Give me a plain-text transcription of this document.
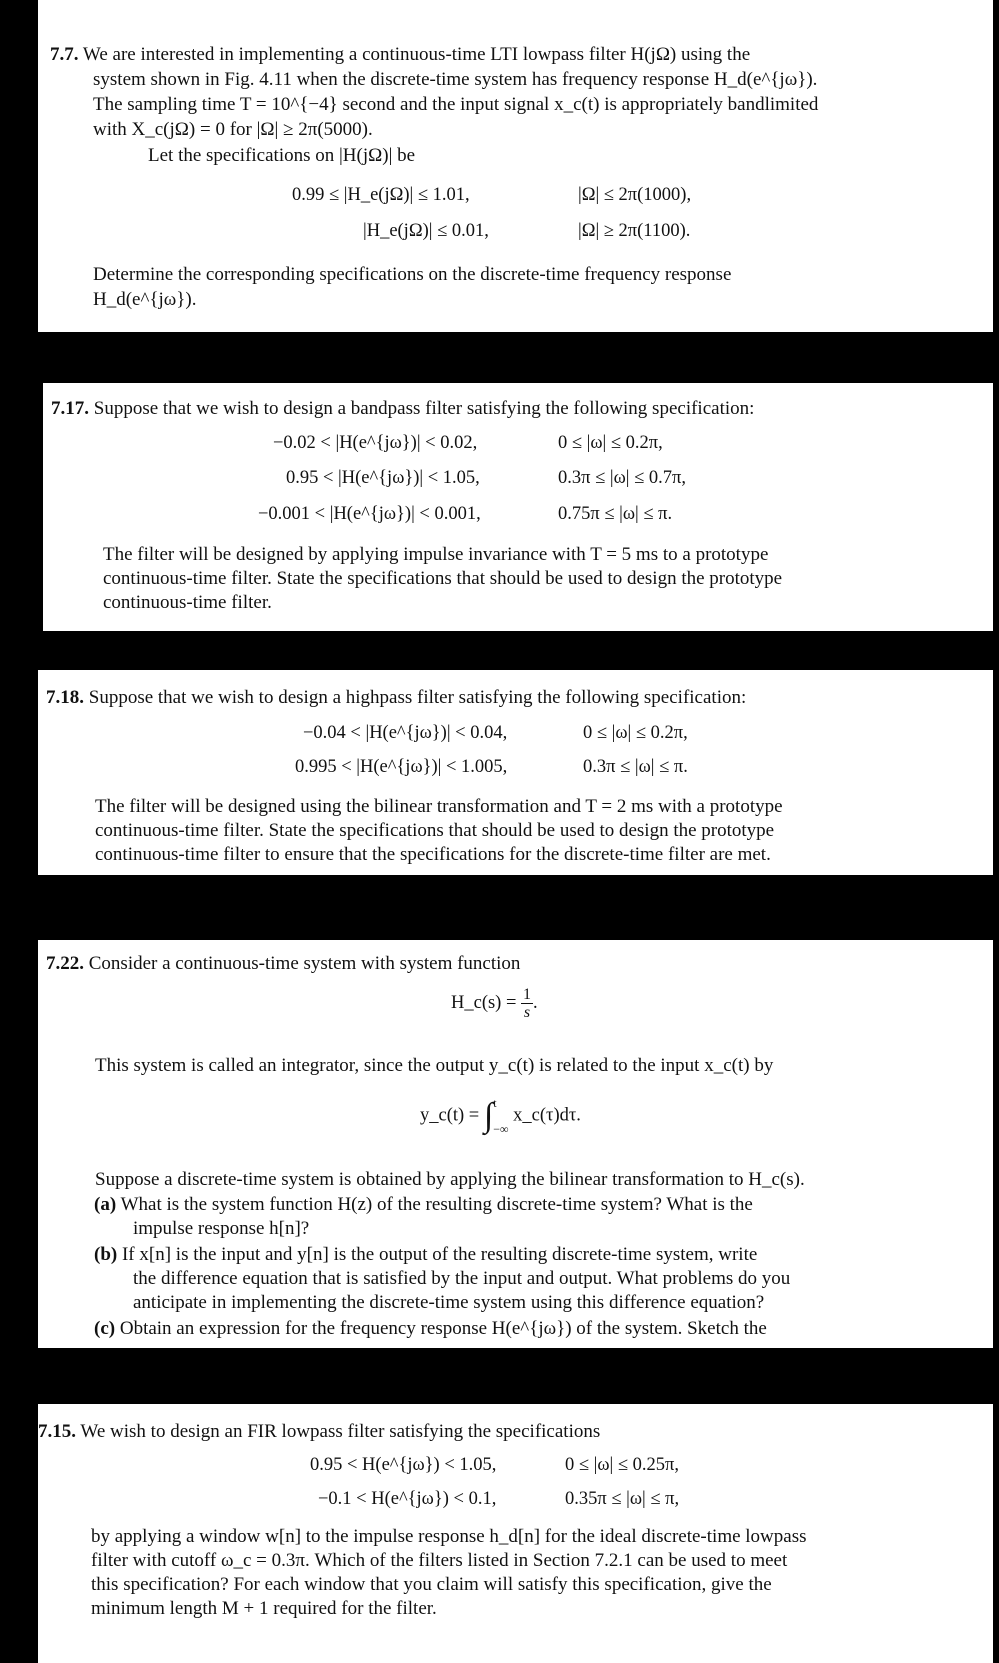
7.7. We are interested in implementing a continuous-time LTI lowpass filter H(jΩ) using the
system shown in Fig. 4.11 when the discrete-time system has frequency response H_d(e^{jω}).
The sampling time T = 10^{−4} second and the input signal x_c(t) is appropriately bandlimited
with X_c(jΩ) = 0 for |Ω| ≥ 2π(5000).
Let the specifications on |H(jΩ)| be
0.99 ≤ |H_e(jΩ)| ≤ 1.01,	|Ω| ≤ 2π(1000),
|H_e(jΩ)| ≤ 0.01,	|Ω| ≥ 2π(1100).
Determine the corresponding specifications on the discrete-time frequency response
H_d(e^{jω}).
7.17. Suppose that we wish to design a bandpass filter satisfying the following specification:
−0.02 < |H(e^{jω})| < 0.02,	0 ≤ |ω| ≤ 0.2π,
0.95 < |H(e^{jω})| < 1.05,	0.3π ≤ |ω| ≤ 0.7π,
−0.001 < |H(e^{jω})| < 0.001,	0.75π ≤ |ω| ≤ π.
The filter will be designed by applying impulse invariance with T = 5 ms to a prototype
continuous-time filter. State the specifications that should be used to design the prototype
continuous-time filter.
7.18. Suppose that we wish to design a highpass filter satisfying the following specification:
−0.04 < |H(e^{jω})| < 0.04,	0 ≤ |ω| ≤ 0.2π,
0.995 < |H(e^{jω})| < 1.005,	0.3π ≤ |ω| ≤ π.
The filter will be designed using the bilinear transformation and T = 2 ms with a prototype
continuous-time filter. State the specifications that should be used to design the prototype
continuous-time filter to ensure that the specifications for the discrete-time filter are met.
7.22. Consider a continuous-time system with system function
H_c(s) = $\frac{1}{s}$ .
This system is called an integrator, since the output y_c(t) is related to the input x_c(t) by
y_c(t) = ∫ t
−∞
x_c(τ)dτ.
Suppose a discrete-time system is obtained by applying the bilinear transformation to H_c(s).
(a) What is the system function H(z) of the resulting discrete-time system? What is the
impulse response h[n]?
(b) If x[n] is the input and y[n] is the output of the resulting discrete-time system, write
the difference equation that is satisfied by the input and output. What problems do you
anticipate in implementing the discrete-time system using this difference equation?
(c) Obtain an expression for the frequency response H(e^{jω}) of the system. Sketch the
7.15. We wish to design an FIR lowpass filter satisfying the specifications
0.95 < H(e^{jω}) < 1.05,	0 ≤ |ω| ≤ 0.25π,
−0.1 < H(e^{jω}) < 0.1,	0.35π ≤ |ω| ≤ π,
by applying a window w[n] to the impulse response h_d[n] for the ideal discrete-time lowpass
filter with cutoff ω_c = 0.3π. Which of the filters listed in Section 7.2.1 can be used to meet
this specification? For each window that you claim will satisfy this specification, give the
minimum length M + 1 required for the filter.
